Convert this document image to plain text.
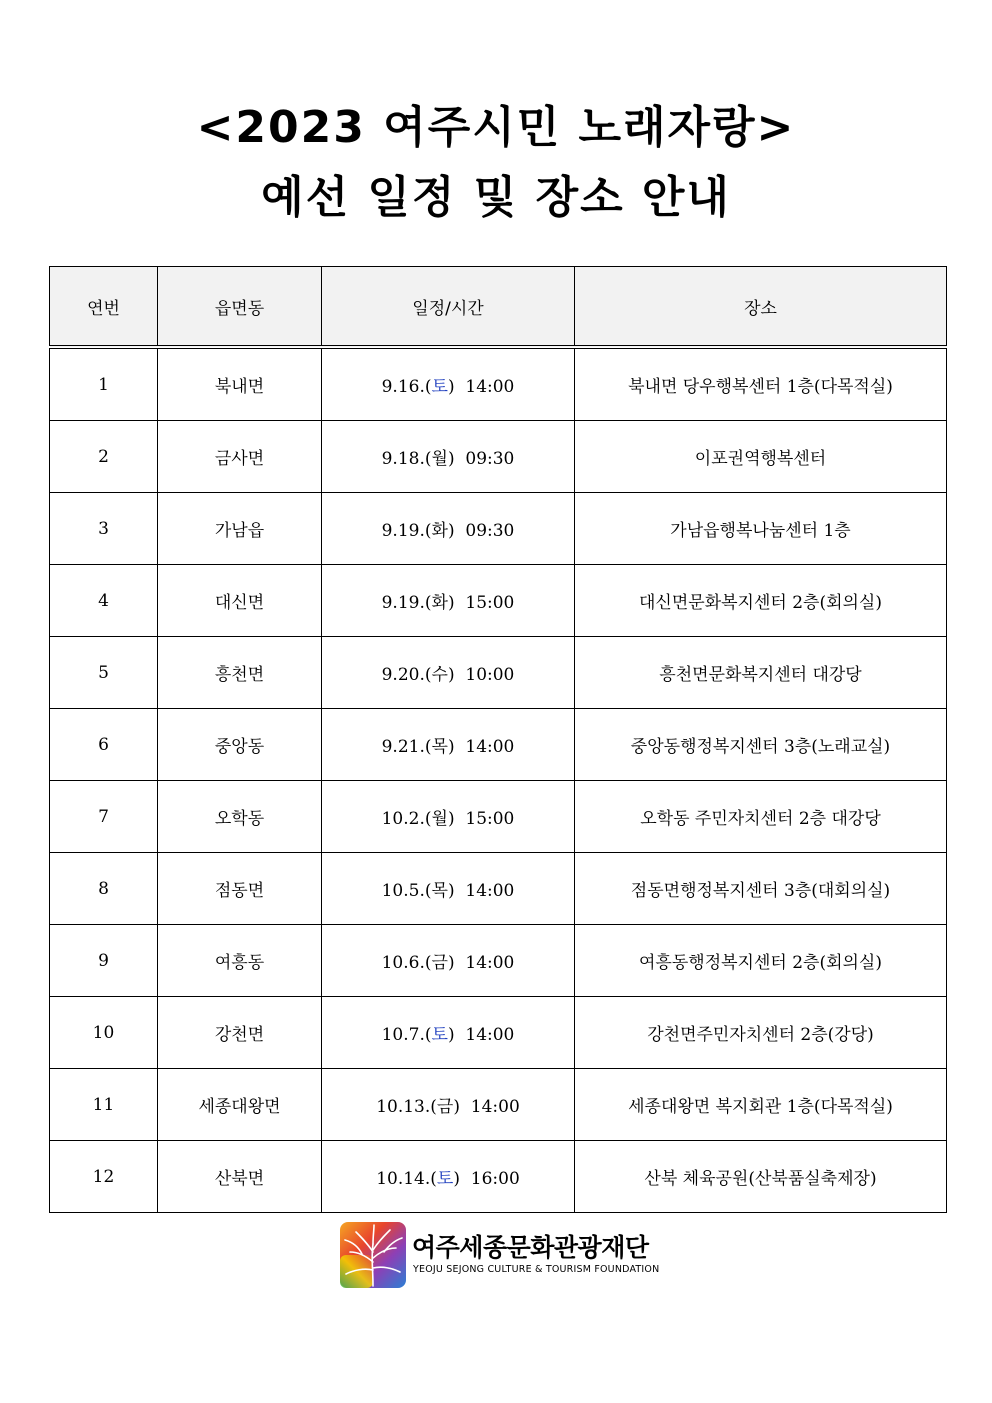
<2023 여주시민 노래자랑>
예선 일정 및 장소 안내
연번	읍면동	일정/시간	장소
1	북내면	9.16.(토)  14:00	북내면 당우행복센터 1층(다목적실)
2	금사면	9.18.(월)  09:30	이포권역행복센터
3	가남읍	9.19.(화)  09:30	가남읍행복나눔센터 1층
4	대신면	9.19.(화)  15:00	대신면문화복지센터 2층(회의실)
5	흥천면	9.20.(수)  10:00	흥천면문화복지센터 대강당
6	중앙동	9.21.(목)  14:00	중앙동행정복지센터 3층(노래교실)
7	오학동	10.2.(월)  15:00	오학동 주민자치센터 2층 대강당
8	점동면	10.5.(목)  14:00	점동면행정복지센터 3층(대회의실)
9	여흥동	10.6.(금)  14:00	여흥동행정복지센터 2층(회의실)
10	강천면	10.7.(토)  14:00	강천면주민자치센터 2층(강당)
11	세종대왕면	10.13.(금)  14:00	세종대왕면 복지회관 1층(다목적실)
12	산북면	10.14.(토)  16:00	산북 체육공원(산북품실축제장)
여주세종문화관광재단
YEOJU SEJONG CULTURE & TOURISM FOUNDATION
